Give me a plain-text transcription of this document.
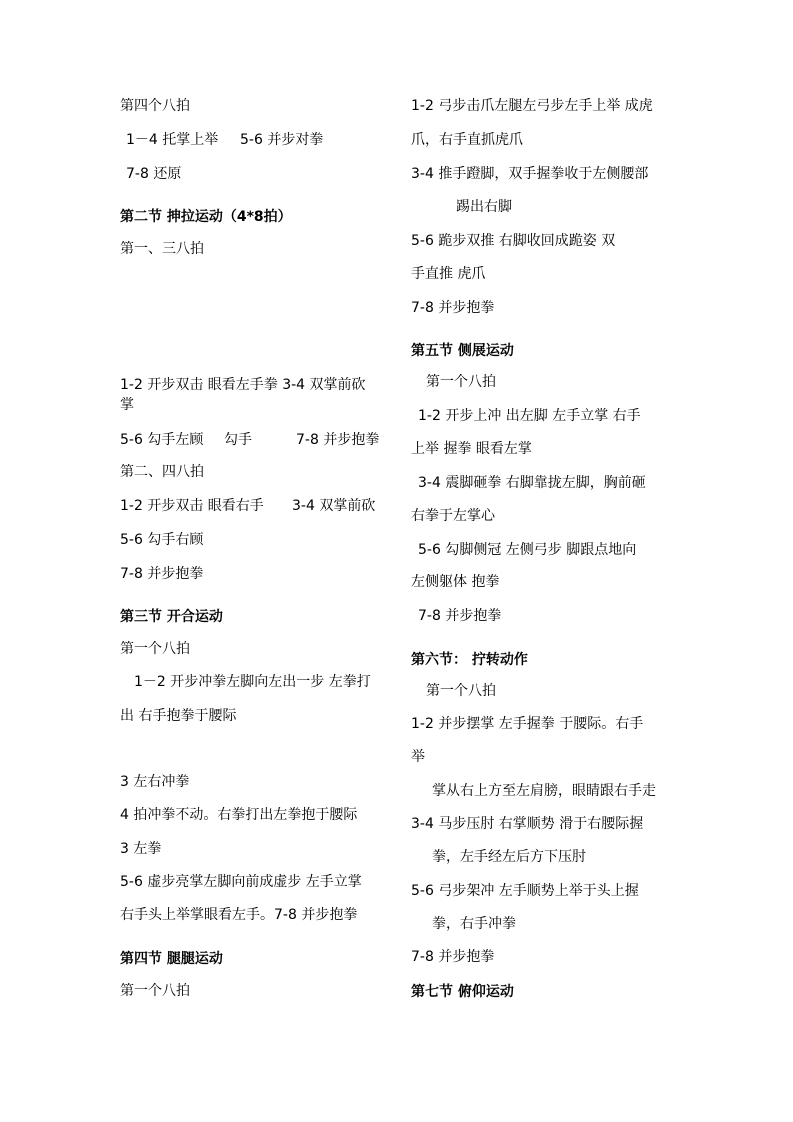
第四个八拍
1－4 托掌上举 5-6 并步对拳
7-8 还原
第二节 抻拉运动（4*8拍）
第一、三八拍
1-2 开步双击 眼看左手拳 3-4 双掌前砍
掌
5-6 勾手左顾 勾手	7-8 并步抱拳
第二、四八拍
1-2 开步双击 眼看右手 3-4 双掌前砍
5-6 勾手右顾
7-8 并步抱拳
第三节 开合运动
第一个八拍
1－2 开步冲拳左脚向左出一步 左拳打
出 右手抱拳于腰际
3 左右冲拳
4 拍冲拳不动。右拳打出左拳抱于腰际
3 左拳
5-6 虚步亮掌左脚向前成虚步 左手立掌
右手头上举掌眼看左手。7-8 并步抱拳
第四节 腿腿运动
第一个八拍
1-2 弓步击爪左腿左弓步左手上举 成虎
爪，右手直抓虎爪
3-4 推手蹬脚，双手握拳收于左侧腰部
踢出右脚
5-6 跪步双推 右脚收回成跪姿 双
手直推 虎爪
7-8 并步抱拳
第五节 侧展运动
第一个八拍
1-2 开步上冲 出左脚 左手立掌 右手
上举 握拳 眼看左掌
3-4 震脚砸拳 右脚靠拢左脚，胸前砸
右拳于左掌心
5-6 勾脚侧冠 左侧弓步 脚跟点地向
左侧躯体 抱拳
7-8 并步抱拳
第六节： 拧转动作
第一个八拍
1-2 并步摆掌 左手握拳 于腰际。右手
举
掌从右上方至左肩膀，眼睛跟右手走
3-4 马步压肘 右掌顺势 滑于右腰际握
拳，左手经左后方下压肘
5-6 弓步架冲 左手顺势上举于头上握
拳，右手冲拳
7-8 并步抱拳
第七节 俯仰运动
